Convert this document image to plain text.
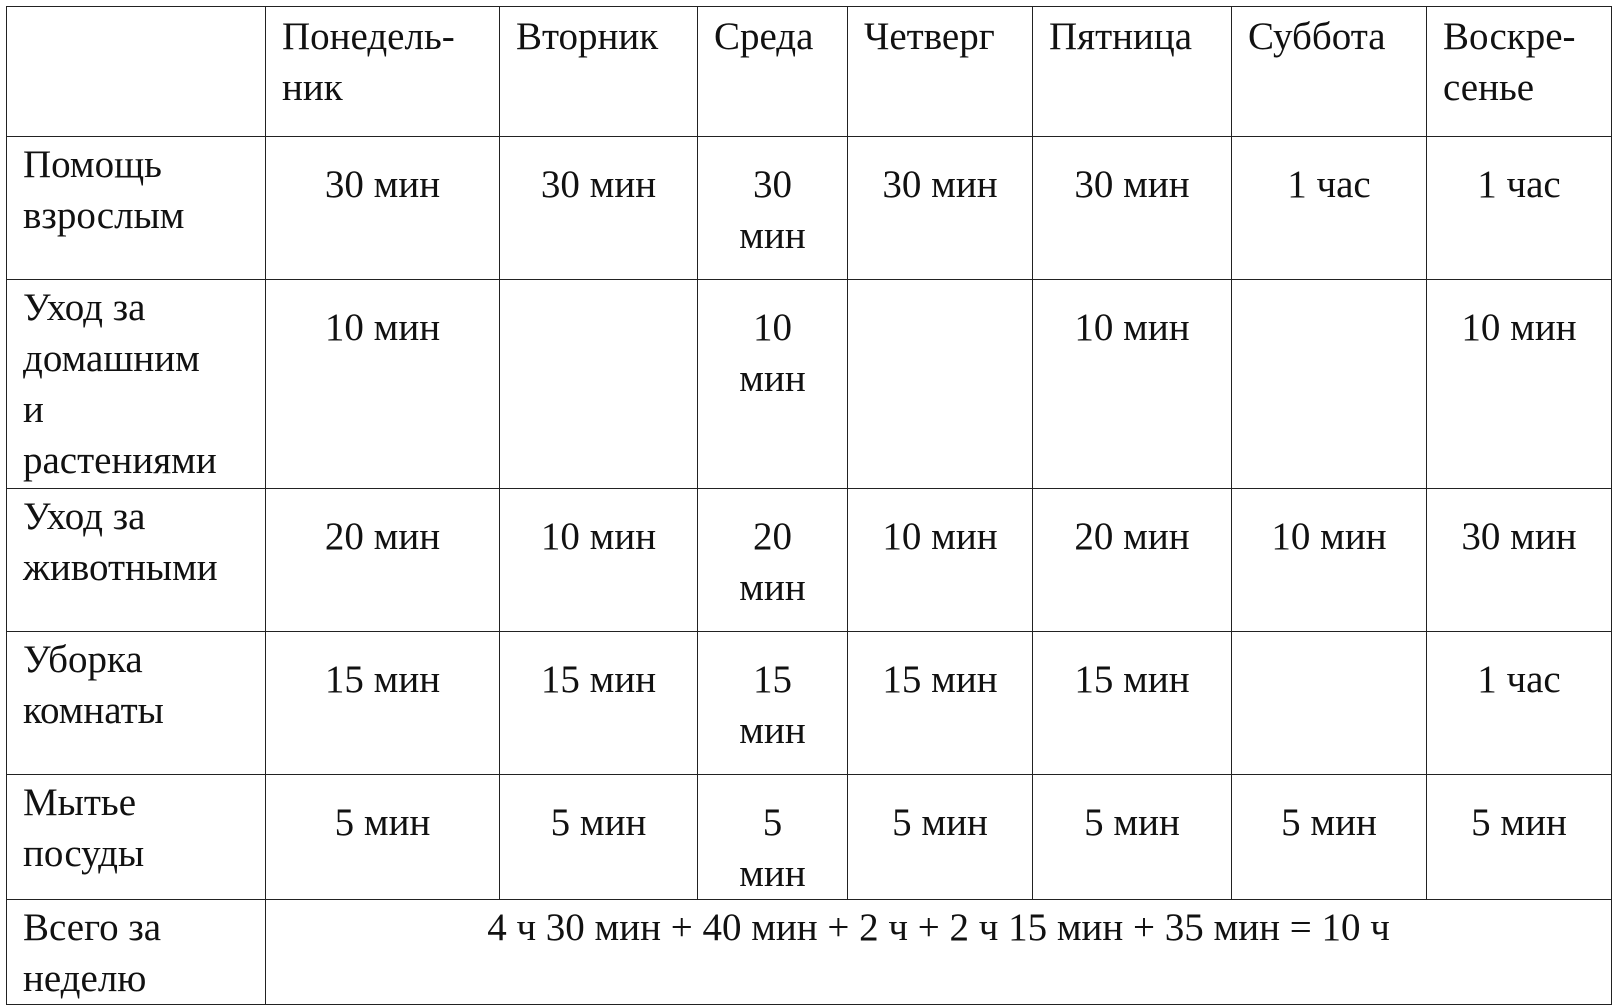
	Понедель-
ник	Вторник	Среда	Четверг	Пятница	Суббота	Воскре-
сенье
Помощь
взрослым	30 мин	30 мин	30 мин	30 мин	30 мин	1 час	1 час
Уход за
домашним
и
растениями	10 мин		10 мин		10 мин		10 мин
Уход за
животными	20 мин	10 мин	20 мин	10 мин	20 мин	10 мин	30 мин
Уборка
комнаты	15 мин	15 мин	15 мин	15 мин	15 мин		1 час
Мытье
посуды	5 мин	5 мин	5 мин	5 мин	5 мин	5 мин	5 мин
Всего за
неделю	4 ч 30 мин + 40 мин + 2 ч + 2 ч 15 мин + 35 мин = 10 ч						
